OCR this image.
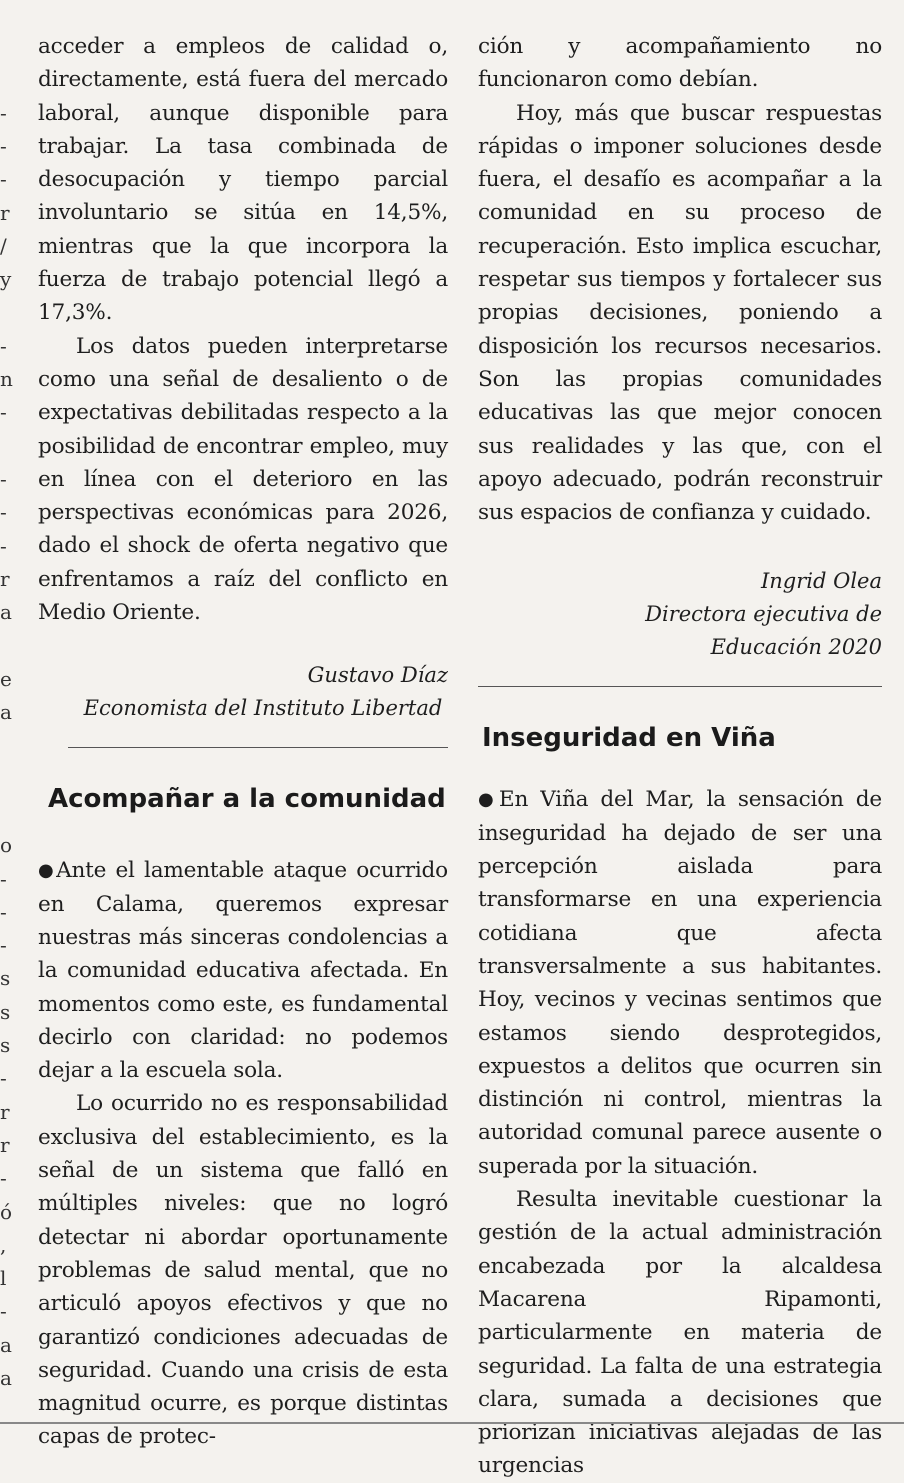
-
-
-
r
/
y
-
n
-
-
-
-
r
a
e
a
o
-
-
-
s
s
s
-
r
r
-
ó
,
l
-
a
a

acceder a empleos de calidad o, directamente, está fuera del mercado laboral, aunque disponible para trabajar. La tasa combinada de desocupación y tiempo parcial involuntario se sitúa en 14,5%, mientras que la que incorpora la fuerza de trabajo potencial llegó a 17,3%.

Los datos pueden interpretarse como una señal de desaliento o de expectativas debilitadas respecto a la posibilidad de encontrar empleo, muy en línea con el deterioro en las perspectivas económicas para 2026, dado el shock de oferta negativo que enfrentamos a raíz del conflicto en Medio Oriente.

Gustavo Díaz

Economista del Instituto Libertad

Acompañar a la comunidad

●Ante el lamentable ataque ocurrido en Calama, queremos expresar nuestras más sinceras condolencias a la comunidad educativa afectada. En momentos como este, es fundamental decirlo con claridad: no podemos dejar a la escuela sola.

Lo ocurrido no es responsabilidad exclusiva del establecimiento, es la señal de un sistema que falló en múltiples niveles: que no logró detectar ni abordar oportunamente problemas de salud mental, que no articuló apoyos efectivos y que no garantizó condiciones adecuadas de seguridad. Cuando una crisis de esta magnitud ocurre, es porque distintas capas de protec-

ción y acompañamiento no funcionaron como debían.

Hoy, más que buscar respuestas rápidas o imponer soluciones desde fuera, el desafío es acompañar a la comunidad en su proceso de recuperación. Esto implica escuchar, respetar sus tiempos y fortalecer sus propias decisiones, poniendo a disposición los recursos necesarios. Son las propias comunidades educativas las que mejor conocen sus realidades y las que, con el apoyo adecuado, podrán reconstruir sus espacios de confianza y cuidado.

Ingrid Olea

Directora ejecutiva de

Educación 2020

Inseguridad en Viña

●En Viña del Mar, la sensación de inseguridad ha dejado de ser una percepción aislada para transformarse en una experiencia cotidiana que afecta transversalmente a sus habitantes. Hoy, vecinos y vecinas sentimos que estamos siendo desprotegidos, expuestos a delitos que ocurren sin distinción ni control, mientras la autoridad comunal parece ausente o superada por la situación.

Resulta inevitable cuestionar la gestión de la actual administración encabezada por la alcaldesa Macarena Ripamonti, particularmente en materia de seguridad. La falta de una estrategia clara, sumada a decisiones que priorizan iniciativas alejadas de las urgencias
